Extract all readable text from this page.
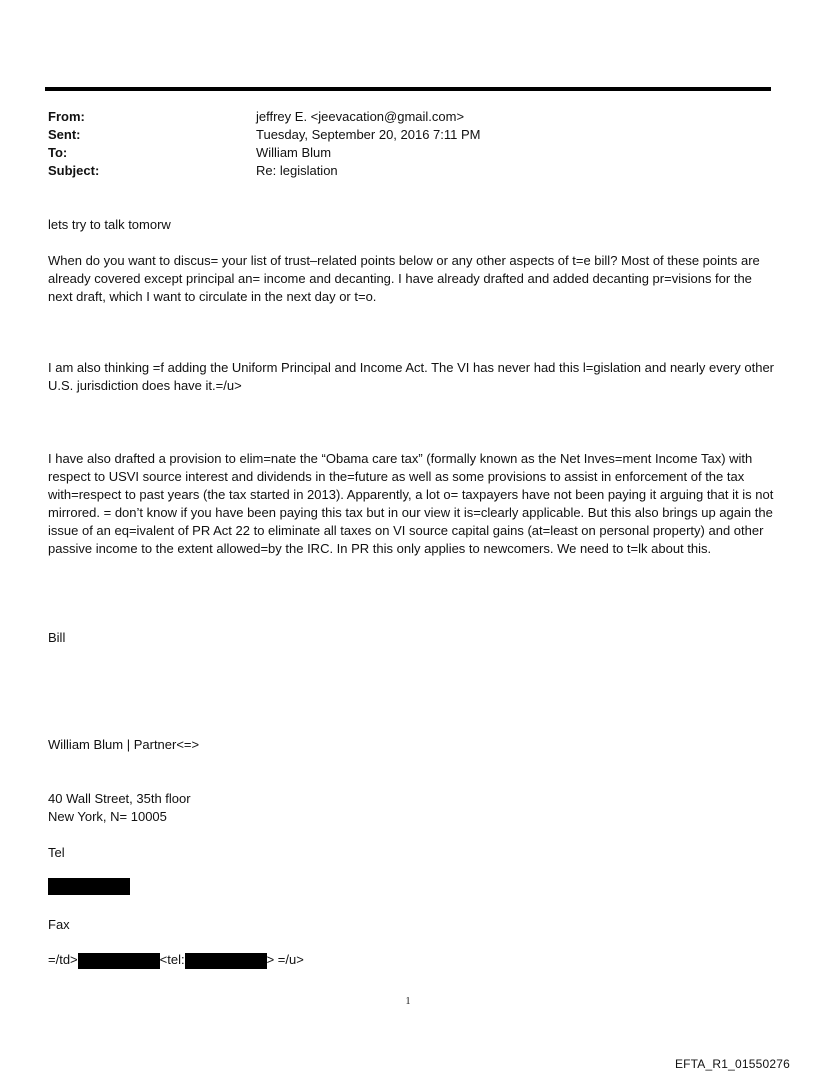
From:	jeffrey E. <jeevacation@gmail.com>
Sent:	Tuesday, September 20, 2016 7:11 PM
To:	William Blum
Subject:	Re: legislation
lets try to talk tomorw
When do you want to discus= your list of trust–related points below or any other aspects of t=e bill? Most of these points are already covered except principal an= income and decanting. I have already drafted and added decanting pr=visions for the next draft, which I want to circulate in the next day or t=o.
I am also thinking =f adding the Uniform Principal and Income Act. The VI has never had this l=gislation and nearly every other U.S. jurisdiction does have it.=/u>
I have also drafted a provision to elim=nate the “Obama care tax” (formally known as the Net Inves=ment Income Tax) with respect to USVI source interest and dividends in the=future as well as some provisions to assist in enforcement of the tax with=respect to past years (the tax started in 2013). Apparently, a lot o= taxpayers have not been paying it arguing that it is not mirrored. = don’t know if you have been paying this tax but in our view it is=clearly applicable. But this also brings up again the issue of an eq=ivalent of PR Act 22 to eliminate all taxes on VI source capital gains (at=least on personal property) and other passive income to the extent allowed=by the IRC. In PR this only applies to newcomers. We need to t=lk about this.
Bill
William Blum | Partner<=>
40 Wall Street, 35th floor
New York, N= 10005
Tel
Fax
=/td>	<tel:	> =/u>
1
EFTA_R1_01550276
